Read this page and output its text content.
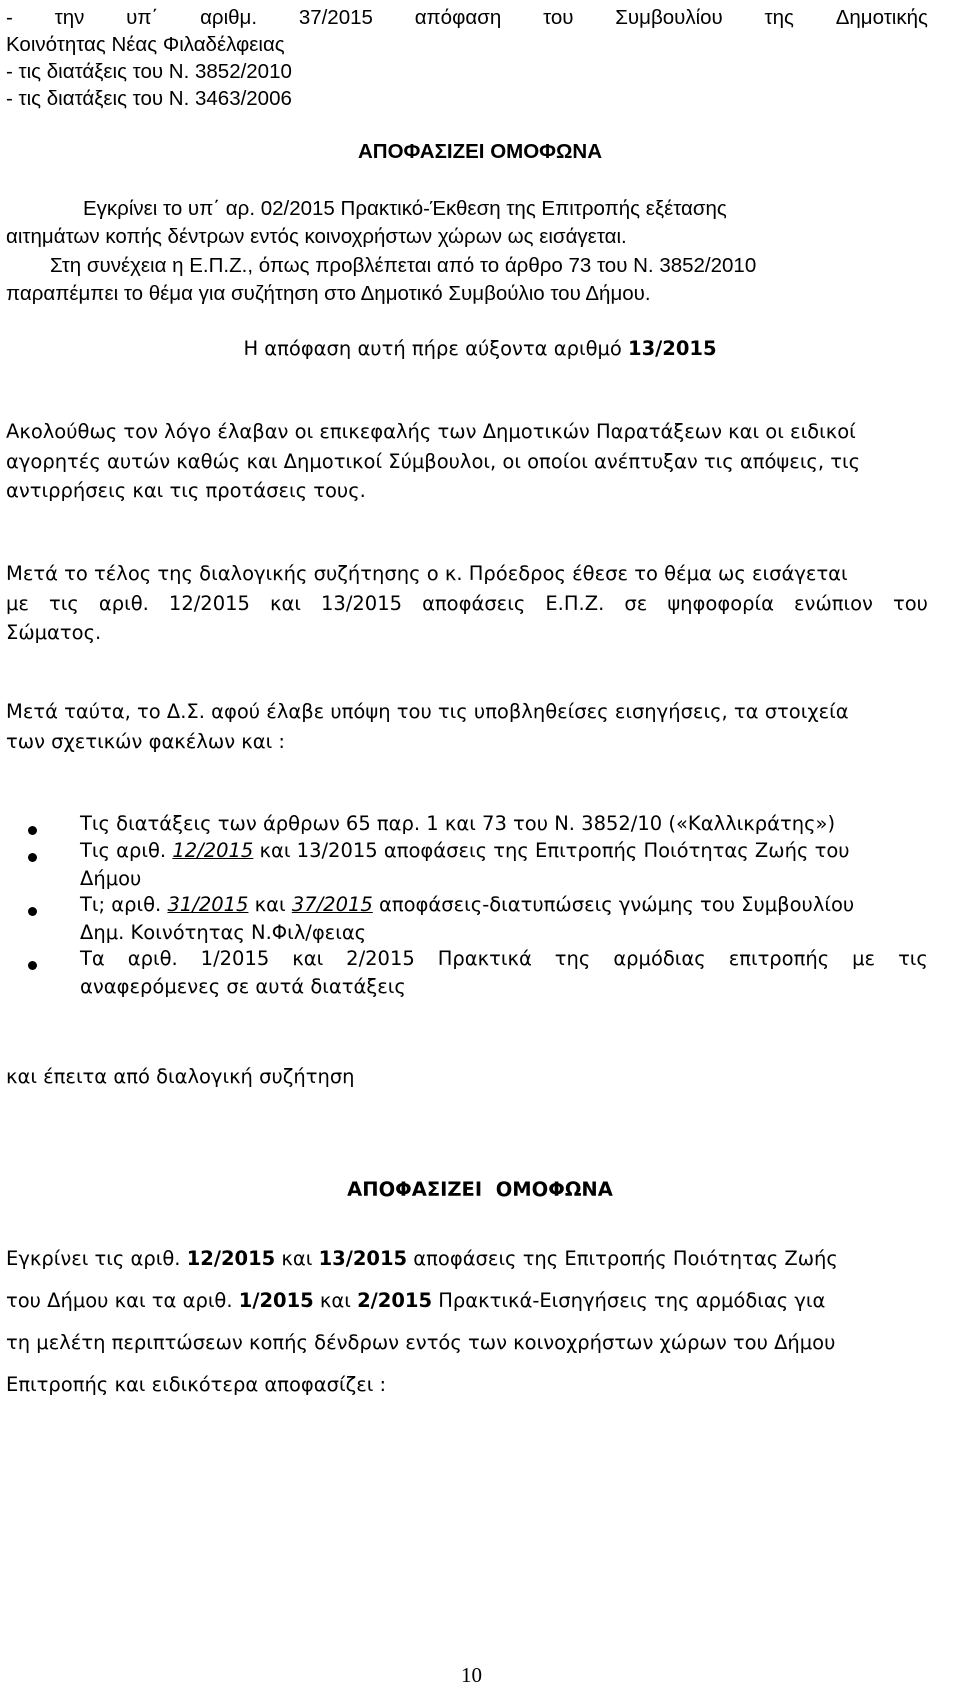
- την υπ΄ αριθμ. 37/2015 απόφαση του Συμβουλίου της Δημοτικής
Κοινότητας Νέας Φιλαδέλφειας
- τις διατάξεις του Ν. 3852/2010
- τις διατάξεις του Ν. 3463/2006
ΑΠΟΦΑΣΙΖΕΙ ΟΜΟΦΩΝΑ
Εγκρίνει το υπ΄ αρ. 02/2015 Πρακτικό-Έκθεση της Επιτροπής εξέτασης
αιτημάτων κοπής δέντρων εντός κοινοχρήστων χώρων ως εισάγεται.
Στη συνέχεια η Ε.Π.Ζ., όπως προβλέπεται από το άρθρο 73 του Ν. 3852/2010
παραπέμπει το θέμα για συζήτηση στο Δημοτικό Συμβούλιο του Δήμου.
Η απόφαση αυτή πήρε αύξοντα αριθμό 13/2015
Ακολούθως τον λόγο έλαβαν οι επικεφαλής των Δημοτικών Παρατάξεων και οι ειδικοί
αγορητές αυτών καθώς και Δημοτικοί Σύμβουλοι, οι οποίοι ανέπτυξαν τις απόψεις, τις
αντιρρήσεις και τις προτάσεις τους.
Μετά το τέλος της διαλογικής συζήτησης ο κ. Πρόεδρος έθεσε το θέμα ως εισάγεται
με τις αριθ. 12/2015 και 13/2015 αποφάσεις Ε.Π.Ζ. σε ψηφοφορία ενώπιον του
Σώματος.
Μετά ταύτα, το Δ.Σ. αφού έλαβε υπόψη του τις υποβληθείσες εισηγήσεις, τα στοιχεία
των σχετικών φακέλων και :
Τις διατάξεις των άρθρων 65 παρ. 1 και 73 του Ν. 3852/10 («Καλλικράτης»)
Τις αριθ. 12/2015 και 13/2015 αποφάσεις της Επιτροπής Ποιότητας Ζωής του
Δήμου
Τι; αριθ. 31/2015 και 37/2015 αποφάσεις-διατυπώσεις γνώμης του Συμβουλίου
Δημ. Κοινότητας Ν.Φιλ/φειας
Τα αριθ. 1/2015 και 2/2015 Πρακτικά της αρμόδιας επιτροπής με τις
αναφερόμενες σε αυτά διατάξεις
και έπειτα από διαλογική συζήτηση
ΑΠΟΦΑΣΙΖΕΙ  ΟΜΟΦΩΝΑ
Εγκρίνει τις αριθ. 12/2015 και 13/2015 αποφάσεις της Επιτροπής Ποιότητας Ζωής
του Δήμου και τα αριθ. 1/2015 και 2/2015 Πρακτικά-Εισηγήσεις της αρμόδιας για
τη μελέτη περιπτώσεων κοπής δένδρων εντός των κοινοχρήστων χώρων του Δήμου
Επιτροπής και ειδικότερα αποφασίζει :
10
